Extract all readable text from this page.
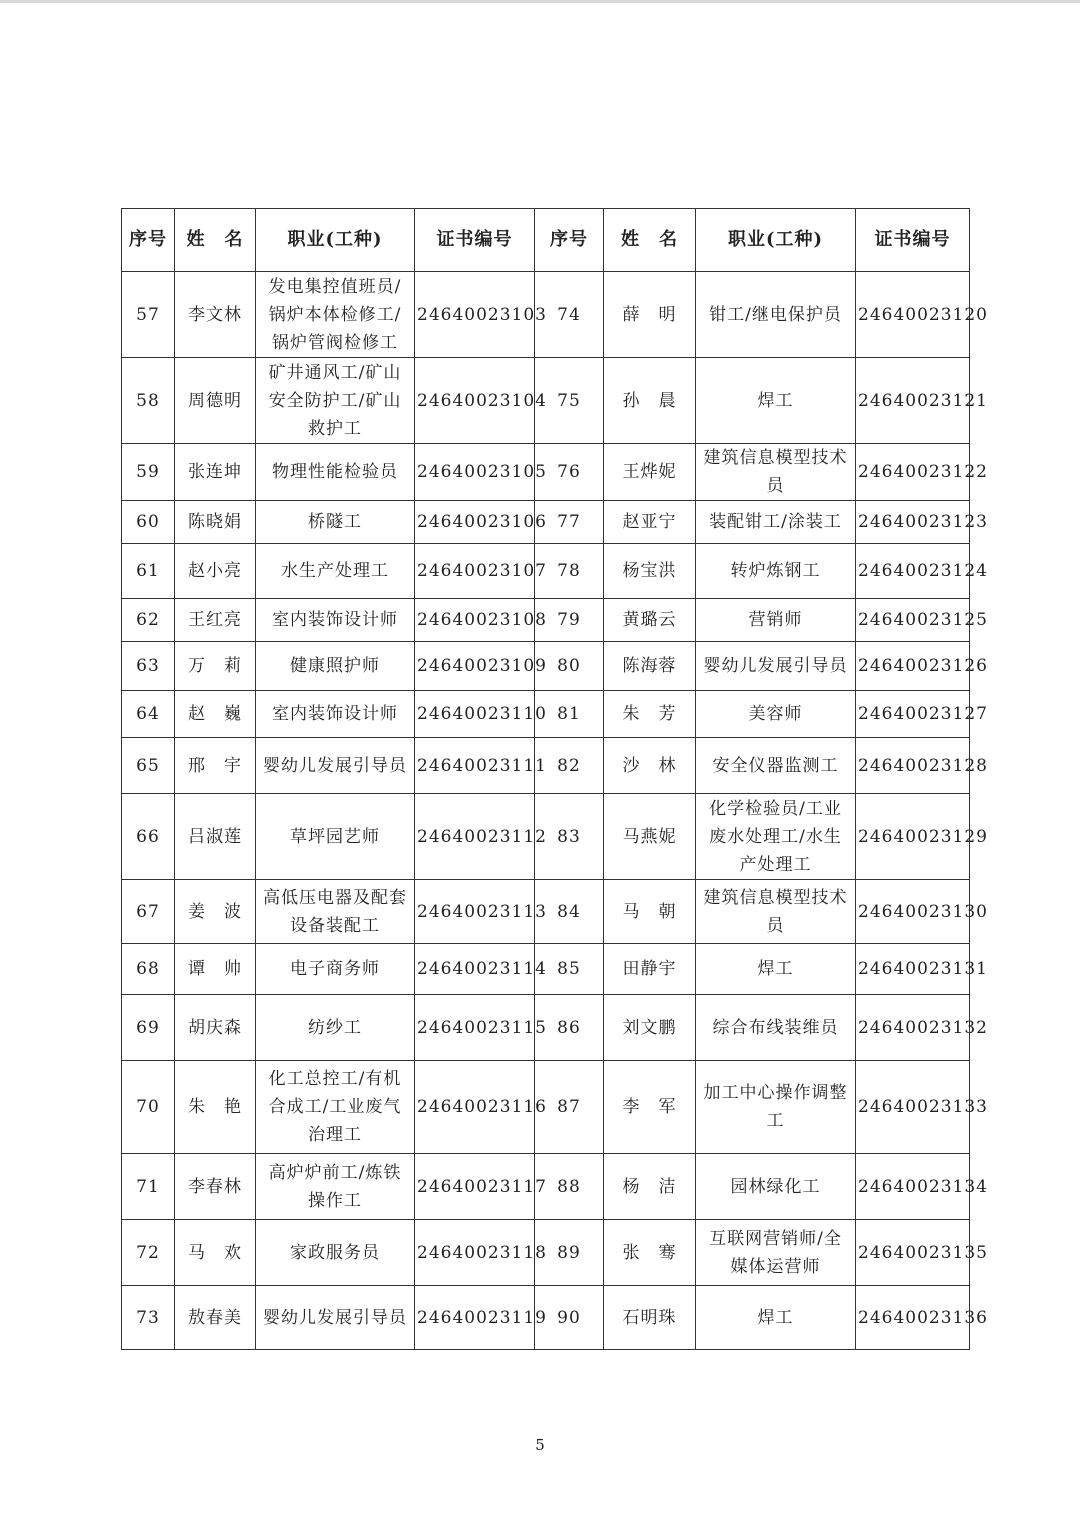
序号	姓　名	职业(工种)	证书编号	序号	姓　名	职业(工种)	证书编号
57	李文林	发电集控值班员/
锅炉本体检修工/
锅炉管阀检修工	24640023103	74	薛　明	钳工/继电保护员	24640023120
58	周德明	矿井通风工/矿山
安全防护工/矿山
救护工	24640023104	75	孙　晨	焊工	24640023121
59	张连坤	物理性能检验员	24640023105	76	王烨妮	建筑信息模型技术员	24640023122
60	陈晓娟	桥隧工	24640023106	77	赵亚宁	装配钳工/涂装工	24640023123
61	赵小亮	水生产处理工	24640023107	78	杨宝洪	转炉炼钢工	24640023124
62	王红亮	室内装饰设计师	24640023108	79	黄璐云	营销师	24640023125
63	万　莉	健康照护师	24640023109	80	陈海蓉	婴幼儿发展引导员	24640023126
64	赵　巍	室内装饰设计师	24640023110	81	朱　芳	美容师	24640023127
65	邢　宇	婴幼儿发展引导员	24640023111	82	沙　林	安全仪器监测工	24640023128
66	吕淑莲	草坪园艺师	24640023112	83	马燕妮	化学检验员/工业
废水处理工/水生
产处理工	24640023129
67	姜　波	高低压电器及配套
设备装配工	24640023113	84	马　朝	建筑信息模型技术员	24640023130
68	谭　帅	电子商务师	24640023114	85	田静宇	焊工	24640023131
69	胡庆森	纺纱工	24640023115	86	刘文鹏	综合布线装维员	24640023132
70	朱　艳	化工总控工/有机
合成工/工业废气
治理工	24640023116	87	李　军	加工中心操作调整工	24640023133
71	李春林	高炉炉前工/炼铁
操作工	24640023117	88	杨　洁	园林绿化工	24640023134
72	马　欢	家政服务员	24640023118	89	张　骞	互联网营销师/全
媒体运营师	24640023135
73	敖春美	婴幼儿发展引导员	24640023119	90	石明珠	焊工	24640023136
5
